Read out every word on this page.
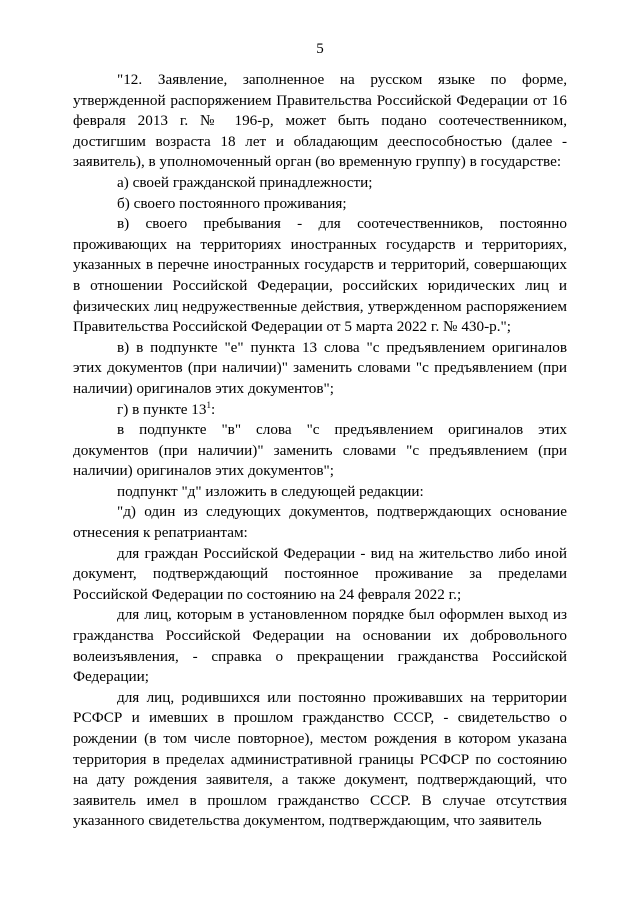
5

"12. Заявление, заполненное на русском языке по форме, утвержденной распоряжением Правительства Российской Федерации от 16 февраля 2013 г. № 196-р, может быть подано соотечественником, достигшим возраста 18 лет и обладающим дееспособностью (далее - заявитель), в уполномоченный орган (во временную группу) в государстве:

а) своей гражданской принадлежности;

б) своего постоянного проживания;

в) своего пребывания - для соотечественников, постоянно проживающих на территориях иностранных государств и территориях, указанных в перечне иностранных государств и территорий, совершающих в отношении Российской Федерации, российских юридических лиц и физических лиц недружественные действия, утвержденном распоряжением Правительства Российской Федерации от 5 марта 2022 г. № 430-р.";

в) в подпункте "е" пункта 13 слова "с предъявлением оригиналов этих документов (при наличии)" заменить словами "с предъявлением (при наличии) оригиналов этих документов";

г) в пункте $13^1$:

в подпункте "в" слова "с предъявлением оригиналов этих документов (при наличии)" заменить словами "с предъявлением (при наличии) оригиналов этих документов";

подпункт "д" изложить в следующей редакции:

"д) один из следующих документов, подтверждающих основание отнесения к репатриантам:

для граждан Российской Федерации - вид на жительство либо иной документ, подтверждающий постоянное проживание за пределами Российской Федерации по состоянию на 24 февраля 2022 г.;

для лиц, которым в установленном порядке был оформлен выход из гражданства Российской Федерации на основании их добровольного волеизъявления, - справка о прекращении гражданства Российской Федерации;

для лиц, родившихся или постоянно проживавших на территории РСФСР и имевших в прошлом гражданство СССР, - свидетельство о рождении (в том числе повторное), местом рождения в котором указана территория в пределах административной границы РСФСР по состоянию на дату рождения заявителя, а также документ, подтверждающий, что заявитель имел в прошлом гражданство СССР. В случае отсутствия указанного свидетельства документом, подтверждающим, что заявитель
